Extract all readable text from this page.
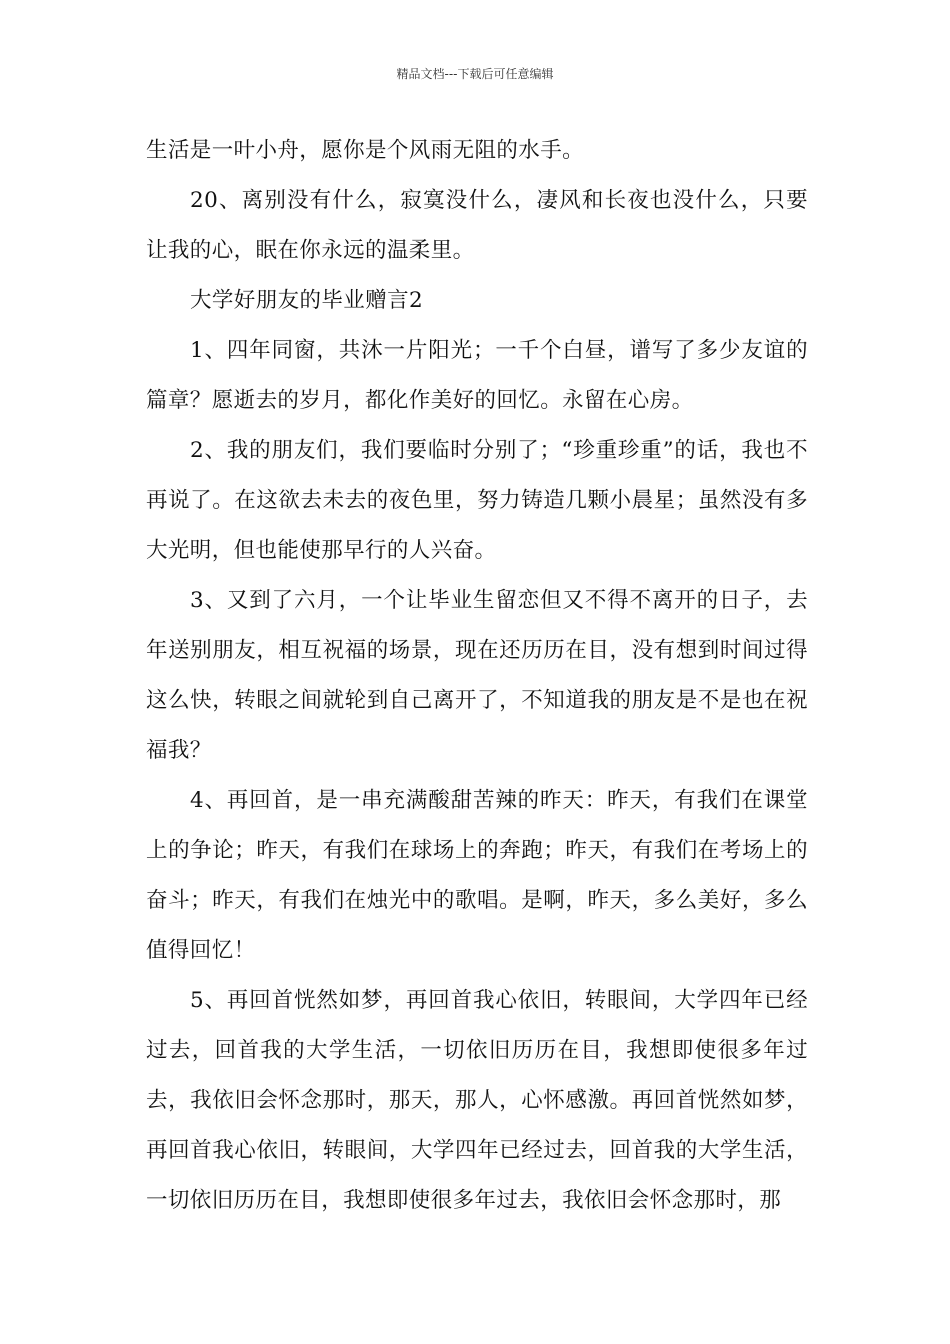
精品文档---下载后可任意编辑

生活是一叶小舟，愿你是个风雨无阻的水手。

20、离别没有什么，寂寞没什么，凄风和长夜也没什么，只要让我的心，眠在你永远的温柔里。

大学好朋友的毕业赠言2

1、四年同窗，共沐一片阳光；一千个白昼，谱写了多少友谊的篇章？愿逝去的岁月，都化作美好的回忆。永留在心房。

2、我的朋友们，我们要临时分别了；“珍重珍重”的话，我也不再说了。在这欲去未去的夜色里，努力铸造几颗小晨星；虽然没有多大光明，但也能使那早行的人兴奋。

3、又到了六月，一个让毕业生留恋但又不得不离开的日子，去年送别朋友，相互祝福的场景，现在还历历在目，没有想到时间过得这么快，转眼之间就轮到自己离开了，不知道我的朋友是不是也在祝福我？

4、再回首，是一串充满酸甜苦辣的昨天：昨天，有我们在课堂上的争论；昨天，有我们在球场上的奔跑；昨天，有我们在考场上的奋斗；昨天，有我们在烛光中的歌唱。是啊，昨天，多么美好，多么值得回忆！

5、再回首恍然如梦，再回首我心依旧，转眼间，大学四年已经过去，回首我的大学生活，一切依旧历历在目，我想即使很多年过去，我依旧会怀念那时，那天，那人，心怀感激。再回首恍然如梦，再回首我心依旧，转眼间，大学四年已经过去，回首我的大学生活，一切依旧历历在目，我想即使很多年过去，我依旧会怀念那时，那
